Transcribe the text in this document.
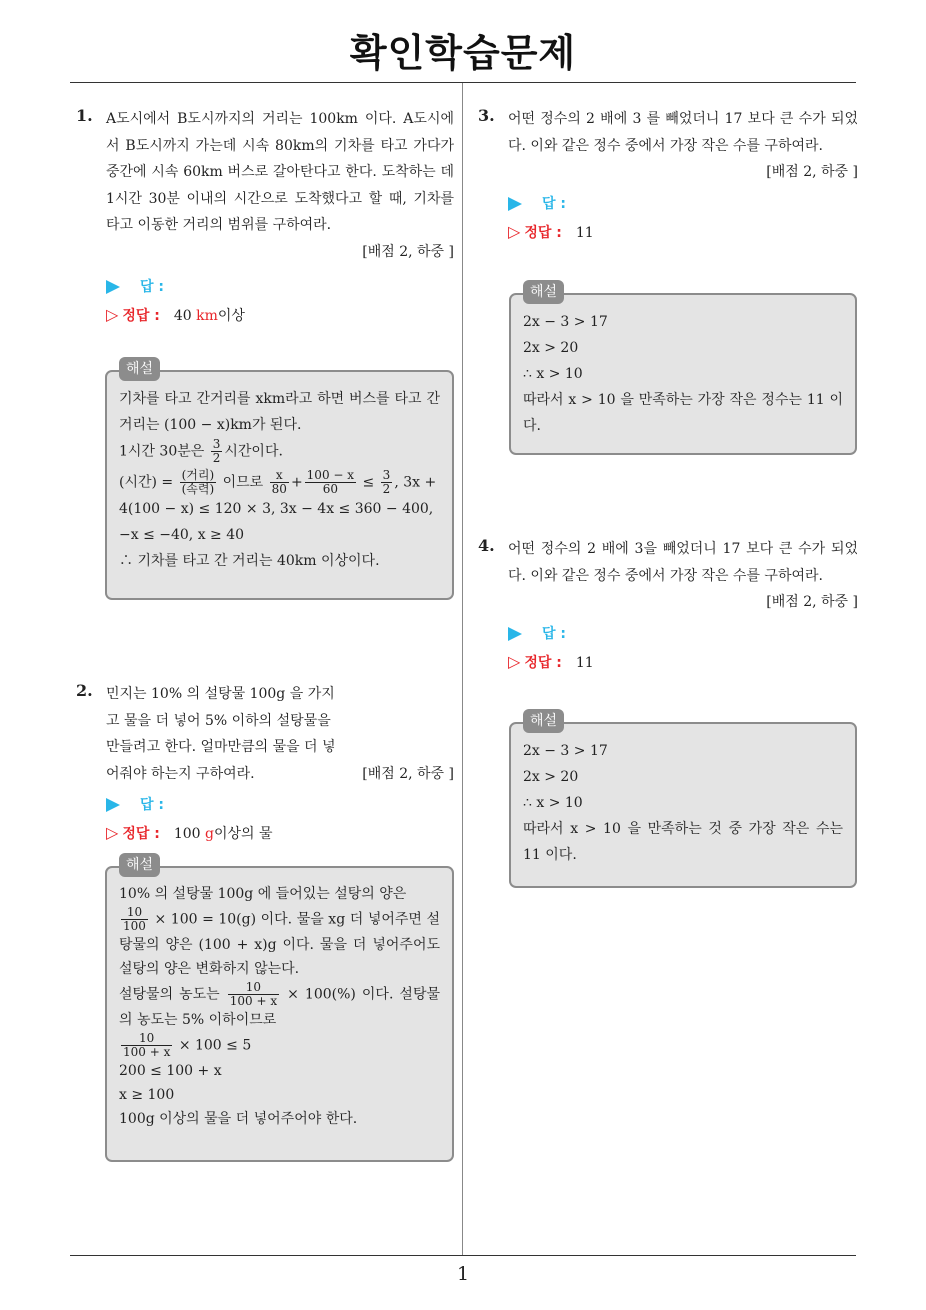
확인학습문제
1. A도시에서 B도시까지의 거리는 100km 이다. A도시에서 B도시까지 가는데 시속 80km의 기차를 타고 가다가 중간에 시속 60km 버스로 갈아탄다고 한다. 도착하는 데 1시간 30분 이내의 시간으로 도착했다고 할 때, 기차를 타고 이동한 거리의 범위를 구하여라.
[배점 2, 하중 ]
답 :
▷ 정답 : 40 km이상
해설
기차를 타고 간거리를 xkm라고 하면 버스를 타고 간 거리는 (100 − x)km가 된다.
1시간 30분은 $\frac{3}{2}$ 시간이다.
(시간) = $\frac{\text{(거리)}}{\text{(속력)}}$ 이므로 $\frac{x}{80} + \frac{100 - x}{60} \le \frac{3}{2}$ , 3x +
4(100 − x) ≤ 120 × 3, 3x − 4x ≤ 360 − 400,
−x ≤ −40, x ≥ 40
∴ 기차를 타고 간 거리는 40km 이상이다.
2. 민지는 10% 의 설탕물 100g 을 가지고 물을 더 넣어 5% 이하의 설탕물을 만들려고 한다. 얼마만큼의 물을 더 넣어줘야 하는지 구하여라.	[배점 2, 하중 ]
답 :
▷ 정답 : 100 g이상의 물
해설
10% 의 설탕물 100g 에 들어있는 설탕의 양은
$\frac{10}{100} \times 100 = 10(g)$ 이다. 물을 xg 더 넣어주면 설탕물의 양은 (100 + x)g 이다. 물을 더 넣어주어도 설탕의 양은 변화하지 않는다.
설탕물의 농도는 $\frac{10}{100 + x} \times 100(\%)$ 이다. 설탕물의 농도는 5% 이하이므로
$\frac{10}{100 + x} \times 100 \le 5$
200 ≤ 100 + x
x ≥ 100
100g 이상의 물을 더 넣어주어야 한다.
3. 어떤 정수의 2 배에 3 를 빼었더니 17 보다 큰 수가 되었다. 이와 같은 정수 중에서 가장 작은 수를 구하여라.
[배점 2, 하중 ]
답 :
▷ 정답 : 11
해설
2x − 3 > 17
2x > 20
∴ x > 10
따라서 x > 10 을 만족하는 가장 작은 정수는 11 이다.
4. 어떤 정수의 2 배에 3을 빼었더니 17 보다 큰 수가 되었다. 이와 같은 정수 중에서 가장 작은 수를 구하여라.
[배점 2, 하중 ]
답 :
▷ 정답 : 11
해설
2x − 3 > 17
2x > 20
∴ x > 10
따라서 x > 10 을 만족하는 것 중 가장 작은 수는 11 이다.
1
